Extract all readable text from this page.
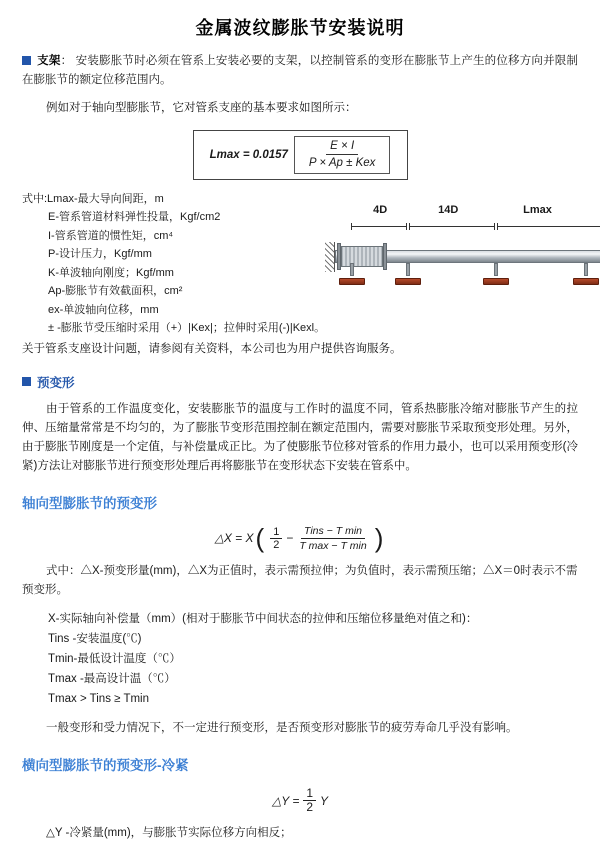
金属波纹膨胀节安装说明
支架： 安装膨胀节时必须在管系上安装必要的支架，以控制管系的变形在膨胀节上产生的位移方向并限制在膨胀节的额定位移范围内。

例如对于轴向型膨胀节，它对管系支座的基本要求如图所示：

$Lmax = 0.0157 \frac{E \times I}{\text{P × Ap ± Kex}}$
式中:Lmax-最大导向间距，m
E-管系管道材料弹性投量，Kgf/cm2
I-管系管道的惯性矩，cm⁴
P-设计压力，Kgf/mm
K-单波轴向刚度；Kgf/mm
Ap-膨胀节有效截面积，cm²
ex-单波轴向位移，mm
± -膨胀节受压缩时采用（+）|Kex|；拉伸时采用(-)|Kexl。
4D	14D	Lmax

关于管系支座设计问题，请参阅有关资料，本公司也为用户提供咨询服务。

预变形

由于管系的工作温度变化，安装膨胀节的温度与工作时的温度不同，管系热膨胀冷缩对膨胀节产生的拉伸、压缩量常常是不均匀的，为了膨胀节变形范围控制在额定范围内，需要对膨胀节采取预变形处理。另外，由于膨胀节刚度是一个定值，与补偿量成正比。为了使膨胀节位移对管系的作用力最小，也可以采用预变形(冷紧)方法让对膨胀节进行预变形处理后再将膨胀节在变形状态下安装在管系中。

轴向型膨胀节的预变形
△X = X ( $\frac{1}{2} - \frac{\text{Tins − T min}}{\text{T max − T min}}$ )

式中：△X-预变形量(mm)，△X为正值时，表示需预拉伸；为负值时，表示需预压缩；△X＝0时表示不需预变形。

X-实际轴向补偿量（mm）(相对于膨胀节中间状态的拉伸和压缩位移量绝对值之和)：

Tins -安装温度(℃)
Tmin-最低设计温度（℃）
Tmax -最高设计温（℃）
Tmax > Tins ≥ Tmin

一般变形和受力情况下，不一定进行预变形，是否预变形对膨胀节的疲劳寿命几乎没有影响。

横向型膨胀节的预变形-冷紧
△Y = $\frac{1}{2}$ Y

△Y -冷紧量(mm)，与膨胀节实际位移方向相反；
